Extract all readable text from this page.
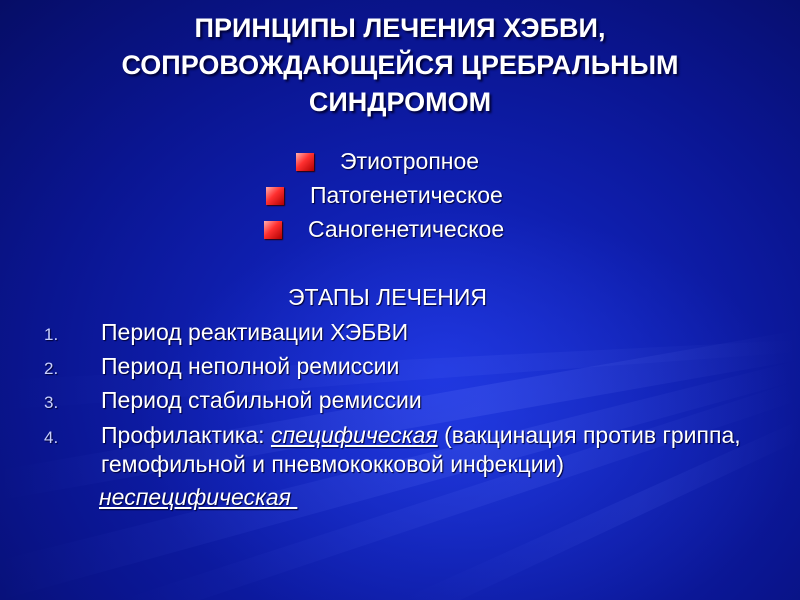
ПРИНЦИПЫ ЛЕЧЕНИЯ ХЭБВИ,
СОПРОВОЖДАЮЩЕЙСЯ ЦРЕБРАЛЬНЫМ
СИНДРОМОМ
Этиотропное
Патогенетическое
Саногенетическое
ЭТАПЫ ЛЕЧЕНИЯ
1. Период реактивации ХЭБВИ
2. Период неполной ремиссии
3. Период стабильной ремиссии
4. Профилактика: специфическая (вакцинация против гриппа, гемофильной и пневмококковой инфекции)
неспецифическая
